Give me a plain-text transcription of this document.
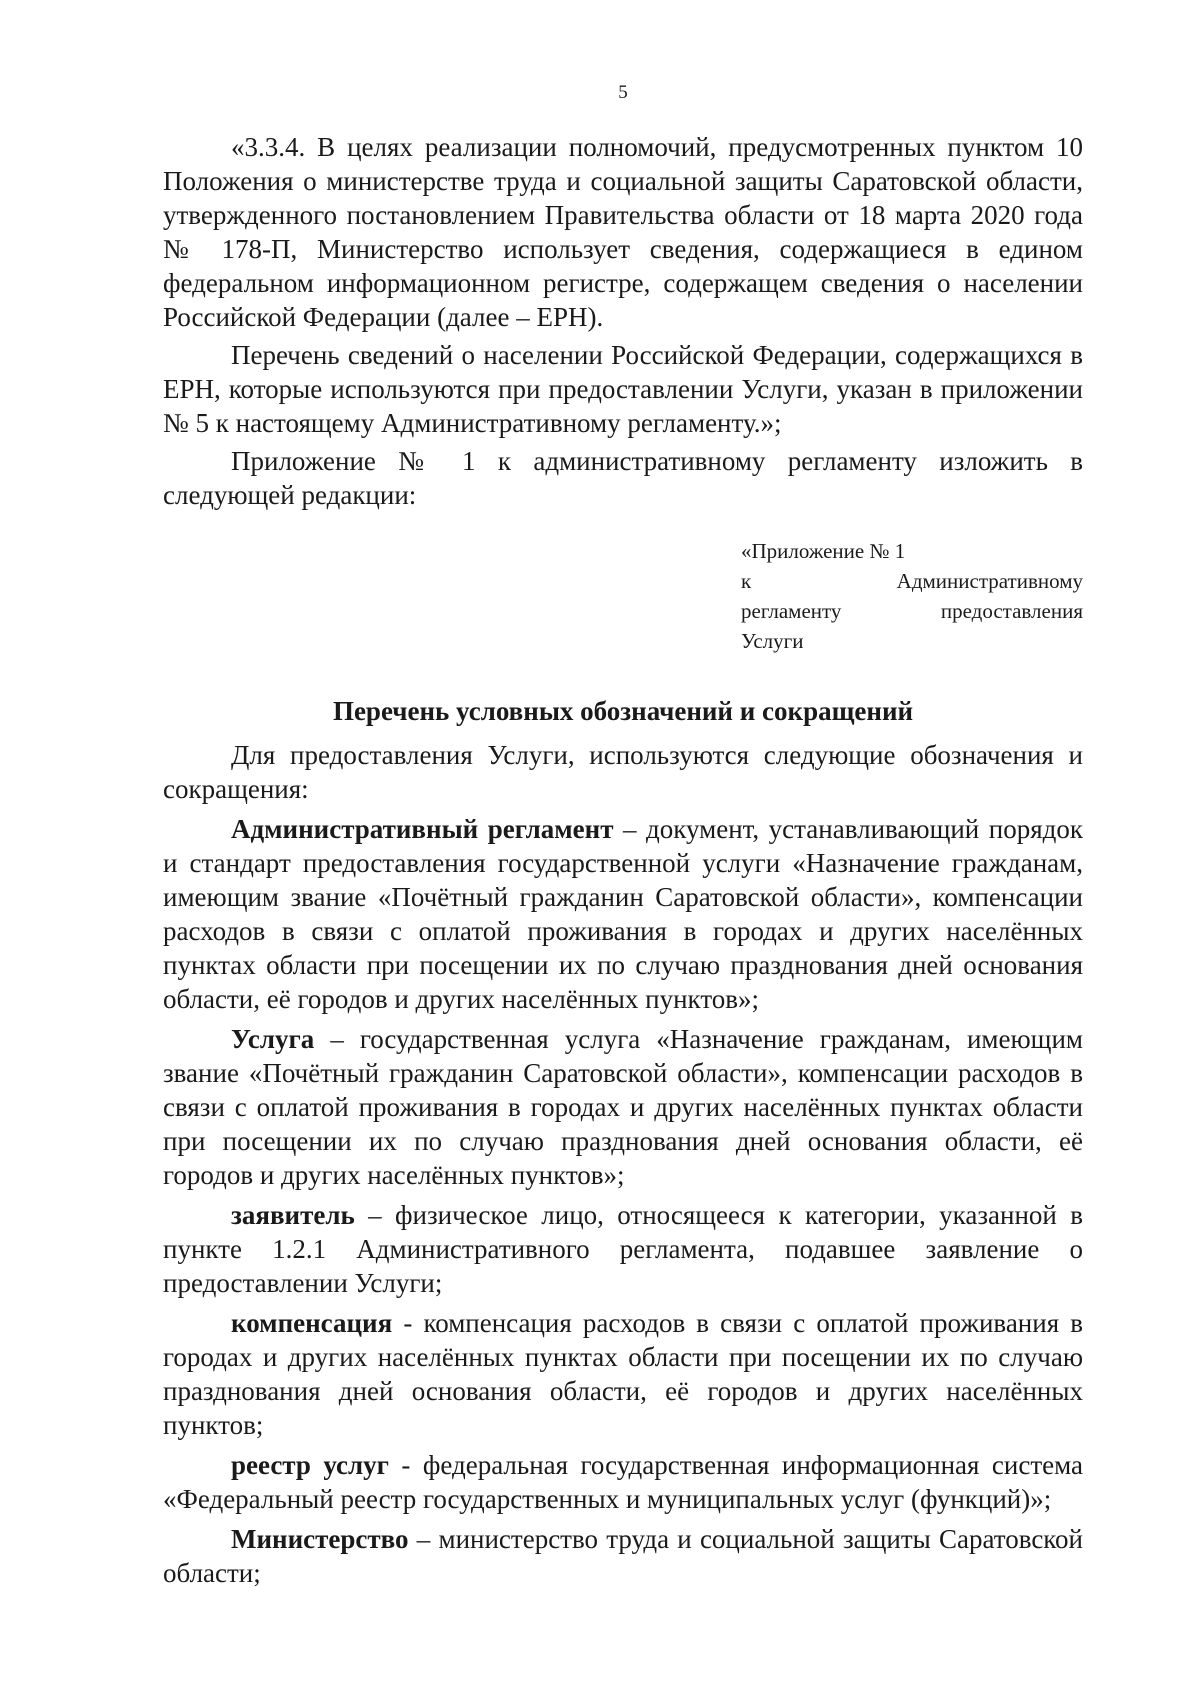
5

«3.3.4. В целях реализации полномочий, предусмотренных пунктом 10 Положения о министерстве труда и социальной защиты Саратовской области, утвержденного постановлением Правительства области от 18 марта 2020 года № 178-П, Министерство использует сведения, содержащиеся в едином федеральном информационном регистре, содержащем сведения о населении Российской Федерации (далее – ЕРН).

Перечень сведений о населении Российской Федерации, содержащихся в ЕРН, которые используются при предоставлении Услуги, указан в приложении № 5 к настоящему Административному регламенту.»;

Приложение № 1 к административному регламенту изложить в следующей редакции:

«Приложение № 1
к Административному
регламенту предоставления
Услуги
Перечень условных обозначений и сокращений

Для предоставления Услуги, используются следующие обозначения и сокращения:

Административный регламент – документ, устанавливающий порядок и стандарт предоставления государственной услуги «Назначение гражданам, имеющим звание «Почётный гражданин Саратовской области», компенсации расходов в связи с оплатой проживания в городах и других населённых пунктах области при посещении их по случаю празднования дней основания области, её городов и других населённых пунктов»;

Услуга – государственная услуга «Назначение гражданам, имеющим звание «Почётный гражданин Саратовской области», компенсации расходов в связи с оплатой проживания в городах и других населённых пунктах области при посещении их по случаю празднования дней основания области, её городов и других населённых пунктов»;

заявитель – физическое лицо, относящееся к категории, указанной в пункте 1.2.1 Административного регламента, подавшее заявление о предоставлении Услуги;

компенсация - компенсация расходов в связи с оплатой проживания в городах и других населённых пунктах области при посещении их по случаю празднования дней основания области, её городов и других населённых пунктов;

реестр услуг - федеральная государственная информационная система «Федеральный реестр государственных и муниципальных услуг (функций)»;

Министерство – министерство труда и социальной защиты Саратовской области;
